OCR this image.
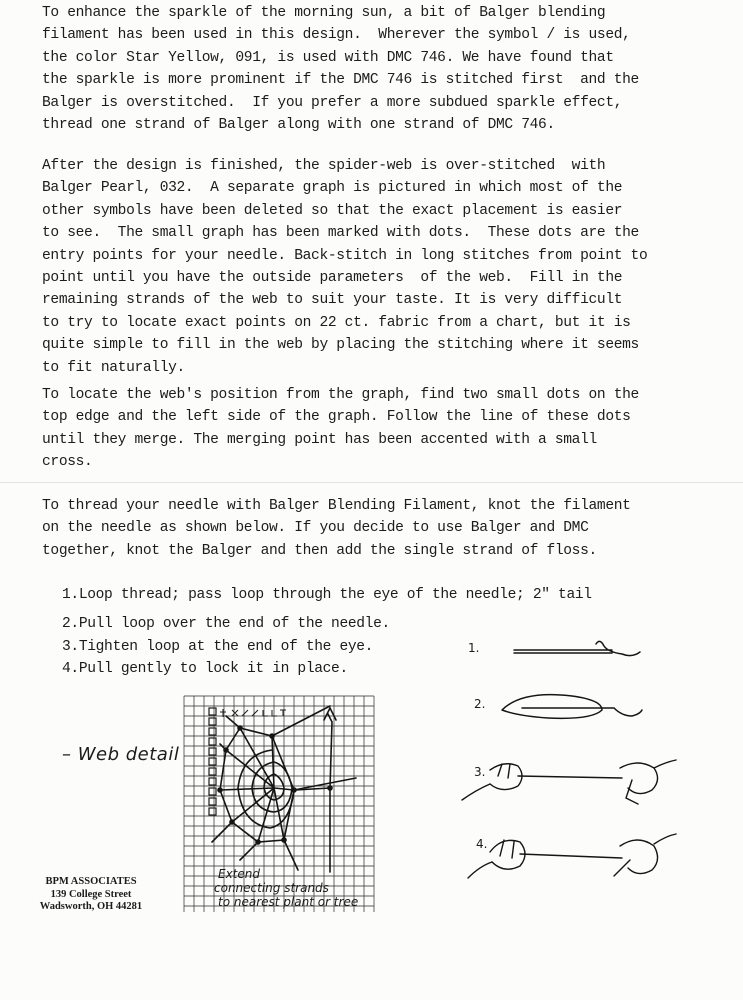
To enhance the sparkle of the morning sun, a bit of Balger blending
filament has been used in this design.  Wherever the symbol / is used,
the color Star Yellow, 091, is used with DMC 746. We have found that
the sparkle is more prominent if the DMC 746 is stitched first  and the
Balger is overstitched.  If you prefer a more subdued sparkle effect,
thread one strand of Balger along with one strand of DMC 746.

After the design is finished, the spider-web is over-stitched  with
Balger Pearl, 032.  A separate graph is pictured in which most of the
other symbols have been deleted so that the exact placement is easier
to see.  The small graph has been marked with dots.  These dots are the
entry points for your needle. Back-stitch in long stitches from point to
point until you have the outside parameters  of the web.  Fill in the
remaining strands of the web to suit your taste. It is very difficult
to try to locate exact points on 22 ct. fabric from a chart, but it is
quite simple to fill in the web by placing the stitching where it seems
to fit naturally.

To locate the web's position from the graph, find two small dots on the
top edge and the left side of the graph. Follow the line of these dots
until they merge. The merging point has been accented with a small
cross.

To thread your needle with Balger Blending Filament, knot the filament
on the needle as shown below. If you decide to use Balger and DMC
together, knot the Balger and then add the single strand of floss.

1.Loop thread; pass loop through the eye of the needle; 2" tail
2.Pull loop over the end of the needle.
3.Tighten loop at the end of the eye.
4.Pull gently to lock it in place.

– Web detail
Extend
connecting strands
to nearest plant or tree
1.
2.
3.
4.
BPM ASSOCIATES
139 College Street
Wadsworth, OH 44281
